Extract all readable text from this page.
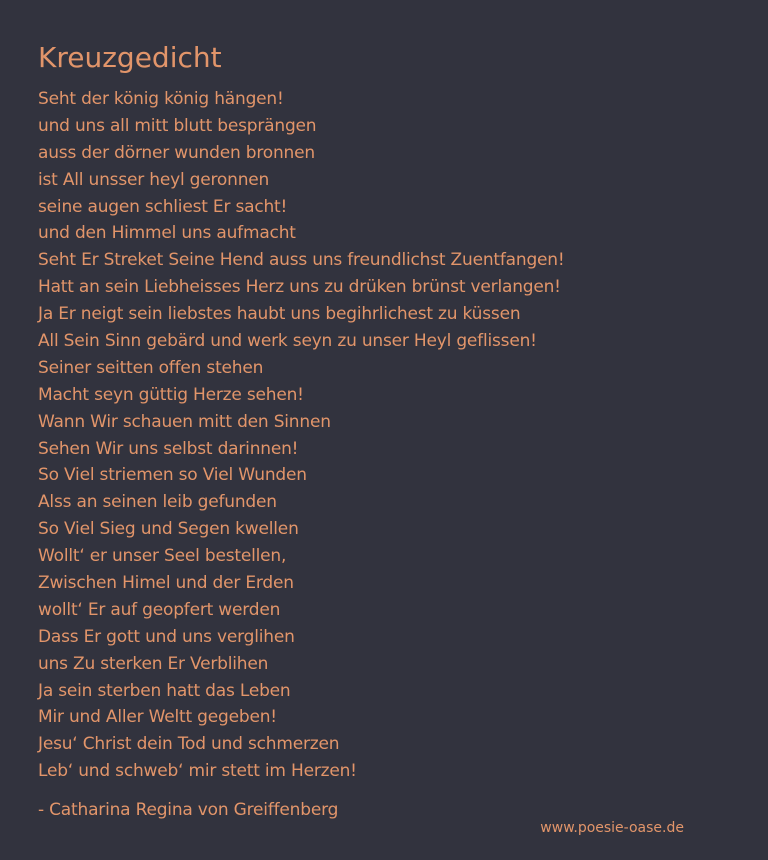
Kreuzgedicht
Seht der könig könig hängen!
und uns all mitt blutt besprängen
auss der dörner wunden bronnen
ist All unsser heyl geronnen
seine augen schliest Er sacht!
und den Himmel uns aufmacht
Seht Er Streket Seine Hend auss uns freundlichst Zuentfangen!
Hatt an sein Liebheisses Herz uns zu drüken brünst verlangen!
Ja Er neigt sein liebstes haubt uns begihrlichest zu küssen
All Sein Sinn gebärd und werk seyn zu unser Heyl geflissen!
Seiner seitten offen stehen
Macht seyn güttig Herze sehen!
Wann Wir schauen mitt den Sinnen
Sehen Wir uns selbst darinnen!
So Viel striemen so Viel Wunden
Alss an seinen leib gefunden
So Viel Sieg und Segen kwellen
Wollt‘ er unser Seel bestellen,
Zwischen Himel und der Erden
wollt‘ Er auf geopfert werden
Dass Er gott und uns verglihen
uns Zu sterken Er Verblihen
Ja sein sterben hatt das Leben
Mir und Aller Weltt gegeben!
Jesu‘ Christ dein Tod und schmerzen
Leb‘ und schweb‘ mir stett im Herzen!
- Catharina Regina von Greiffenberg
www.poesie-oase.de
